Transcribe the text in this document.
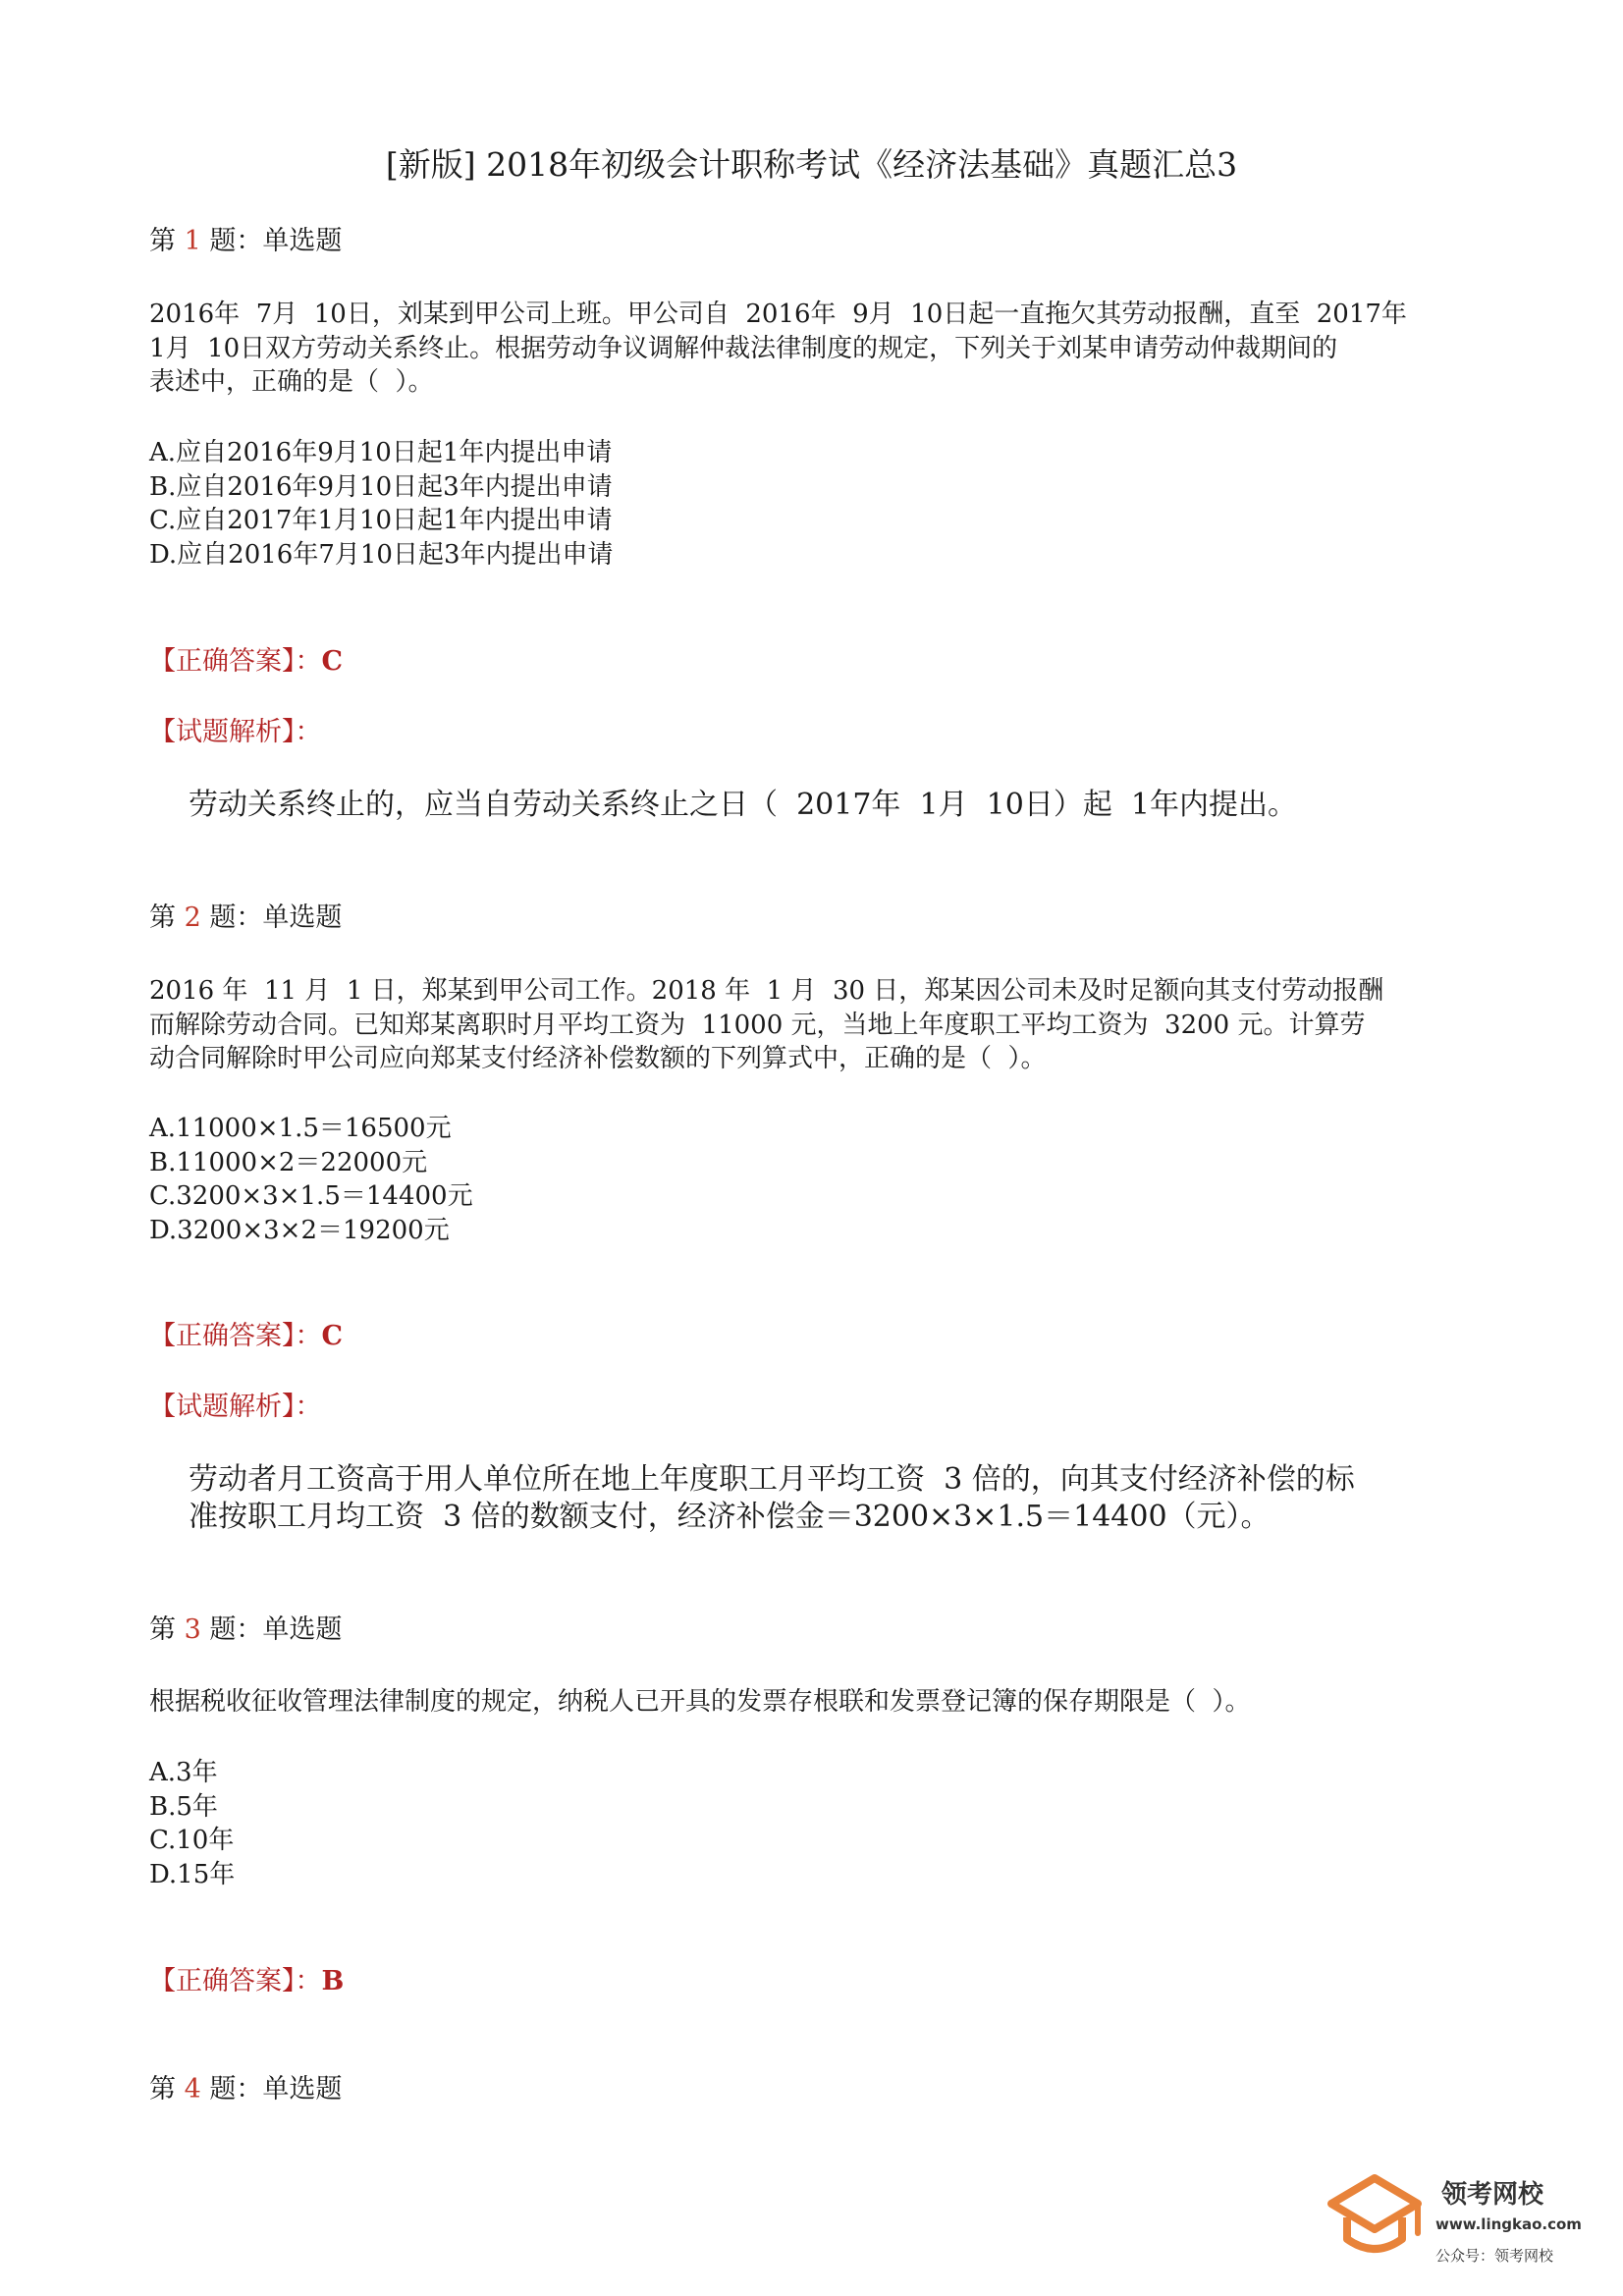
[新版] 2018年初级会计职称考试《经济法基础》真题汇总3
第 1 题：单选题
2016年  7月  10日，刘某到甲公司上班。甲公司自  2016年  9月  10日起一直拖欠其劳动报酬，直至  2017年
1月  10日双方劳动关系终止。根据劳动争议调解仲裁法律制度的规定，下列关于刘某申请劳动仲裁期间的
表述中，正确的是（  ）。
A.应自2016年9月10日起1年内提出申请
B.应自2016年9月10日起3年内提出申请
C.应自2017年1月10日起1年内提出申请
D.应自2016年7月10日起3年内提出申请
【正确答案】：C
【试题解析】：
劳动关系终止的，应当自劳动关系终止之日（  2017年  1月  10日）起  1年内提出。
第 2 题：单选题
2016 年  11 月  1 日，郑某到甲公司工作。2018 年  1 月  30 日，郑某因公司未及时足额向其支付劳动报酬
而解除劳动合同。已知郑某离职时月平均工资为  11000 元，当地上年度职工平均工资为  3200 元。计算劳
动合同解除时甲公司应向郑某支付经济补偿数额的下列算式中，正确的是（  ）。
A.11000×1.5＝16500元
B.11000×2＝22000元
C.3200×3×1.5＝14400元
D.3200×3×2＝19200元
【正确答案】：C
【试题解析】：
劳动者月工资高于用人单位所在地上年度职工月平均工资  3 倍的，向其支付经济补偿的标
准按职工月均工资  3 倍的数额支付，经济补偿金＝3200×3×1.5＝14400（元）。
第 3 题：单选题
根据税收征收管理法律制度的规定，纳税人已开具的发票存根联和发票登记簿的保存期限是（  ）。
A.3年
B.5年
C.10年
D.15年
【正确答案】：B
第 4 题：单选题
领考网校
www.lingkao.com
公众号：领考网校
